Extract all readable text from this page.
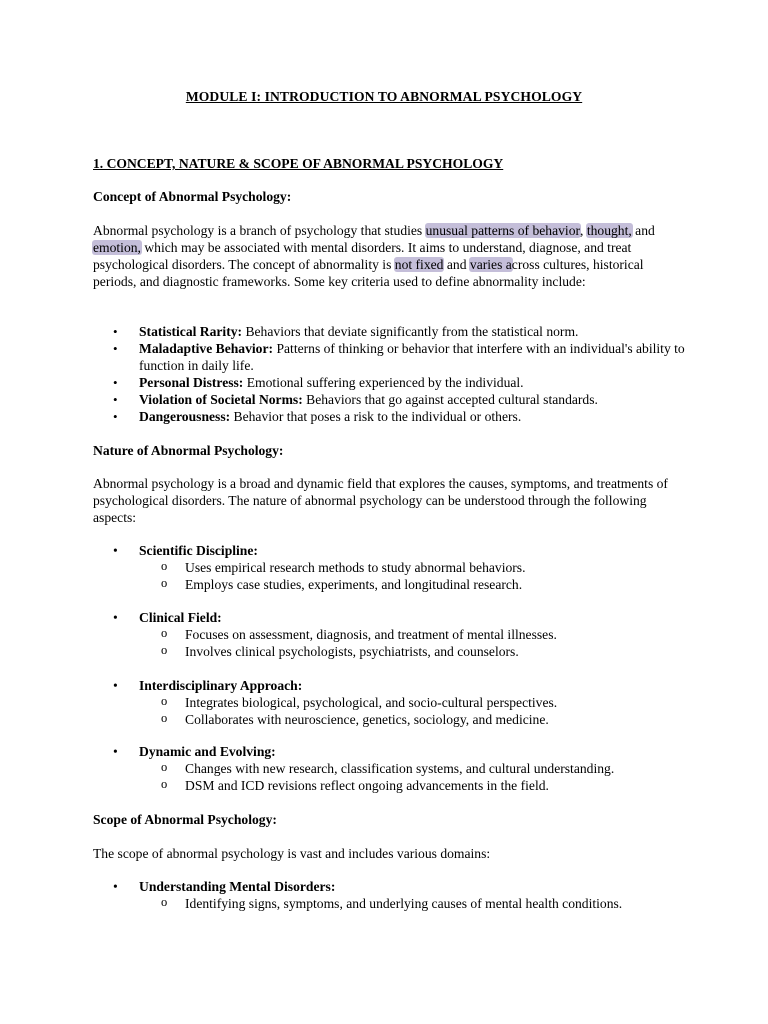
MODULE I: INTRODUCTION TO ABNORMAL PSYCHOLOGY
1. CONCEPT, NATURE & SCOPE OF ABNORMAL PSYCHOLOGY
Concept of Abnormal Psychology:
Abnormal psychology is a branch of psychology that studies unusual patterns of behavior, thought, and emotion, which may be associated with mental disorders. It aims to understand, diagnose, and treat psychological disorders. The concept of abnormality is not fixed and varies across cultures, historical periods, and diagnostic frameworks. Some key criteria used to define abnormality include:
• Statistical Rarity: Behaviors that deviate significantly from the statistical norm.
• Maladaptive Behavior: Patterns of thinking or behavior that interfere with an individual's ability to function in daily life.
• Personal Distress: Emotional suffering experienced by the individual.
• Violation of Societal Norms: Behaviors that go against accepted cultural standards.
• Dangerousness: Behavior that poses a risk to the individual or others.
Nature of Abnormal Psychology:
Abnormal psychology is a broad and dynamic field that explores the causes, symptoms, and treatments of psychological disorders. The nature of abnormal psychology can be understood through the following aspects:
• Scientific Discipline:
o Uses empirical research methods to study abnormal behaviors.
o Employs case studies, experiments, and longitudinal research.
• Clinical Field:
o Focuses on assessment, diagnosis, and treatment of mental illnesses.
o Involves clinical psychologists, psychiatrists, and counselors.
• Interdisciplinary Approach:
o Integrates biological, psychological, and socio-cultural perspectives.
o Collaborates with neuroscience, genetics, sociology, and medicine.
• Dynamic and Evolving:
o Changes with new research, classification systems, and cultural understanding.
o DSM and ICD revisions reflect ongoing advancements in the field.
Scope of Abnormal Psychology:
The scope of abnormal psychology is vast and includes various domains:
• Understanding Mental Disorders:
o Identifying signs, symptoms, and underlying causes of mental health conditions.
